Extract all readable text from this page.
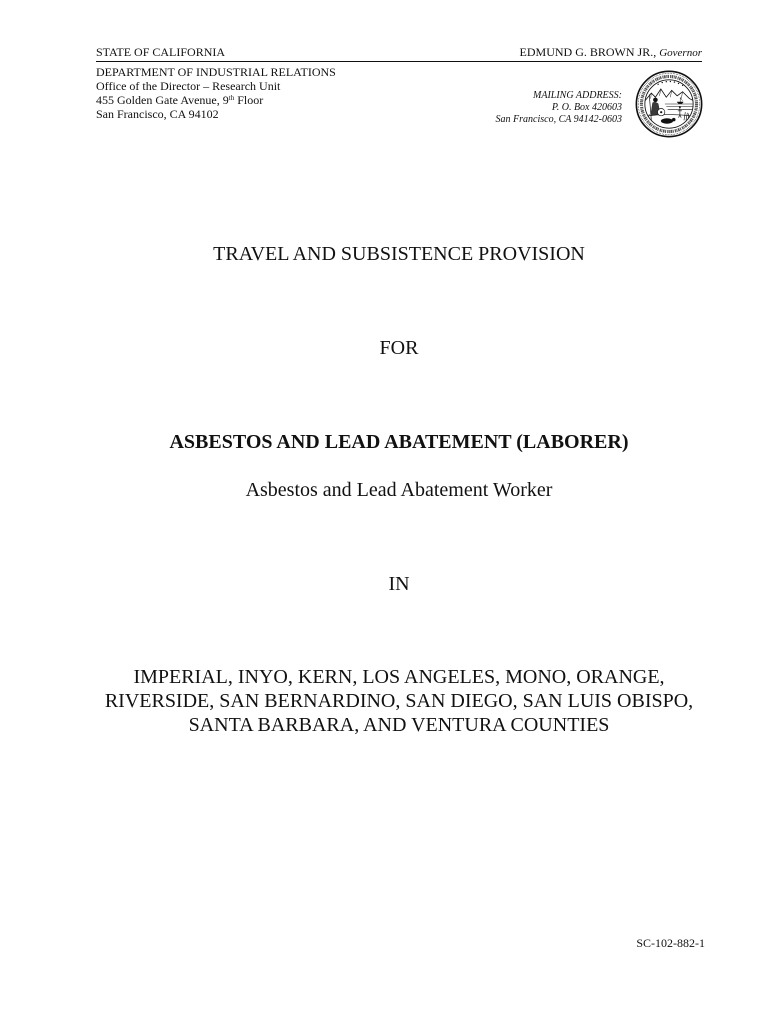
STATE OF CALIFORNIA	EDMUND G. BROWN JR., Governor
DEPARTMENT OF INDUSTRIAL RELATIONS
Office of the Director – Research Unit
455 Golden Gate Avenue, 9th Floor
San Francisco, CA 94102
MAILING ADDRESS:
P. O. Box 420603
San Francisco, CA 94142-0603
TRAVEL AND SUBSISTENCE PROVISION
FOR
ASBESTOS AND LEAD ABATEMENT (LABORER)
Asbestos and Lead Abatement Worker
IN
IMPERIAL, INYO, KERN, LOS ANGELES, MONO, ORANGE,
RIVERSIDE, SAN BERNARDINO, SAN DIEGO, SAN LUIS OBISPO,
SANTA BARBARA, AND VENTURA COUNTIES
SC-102-882-1
